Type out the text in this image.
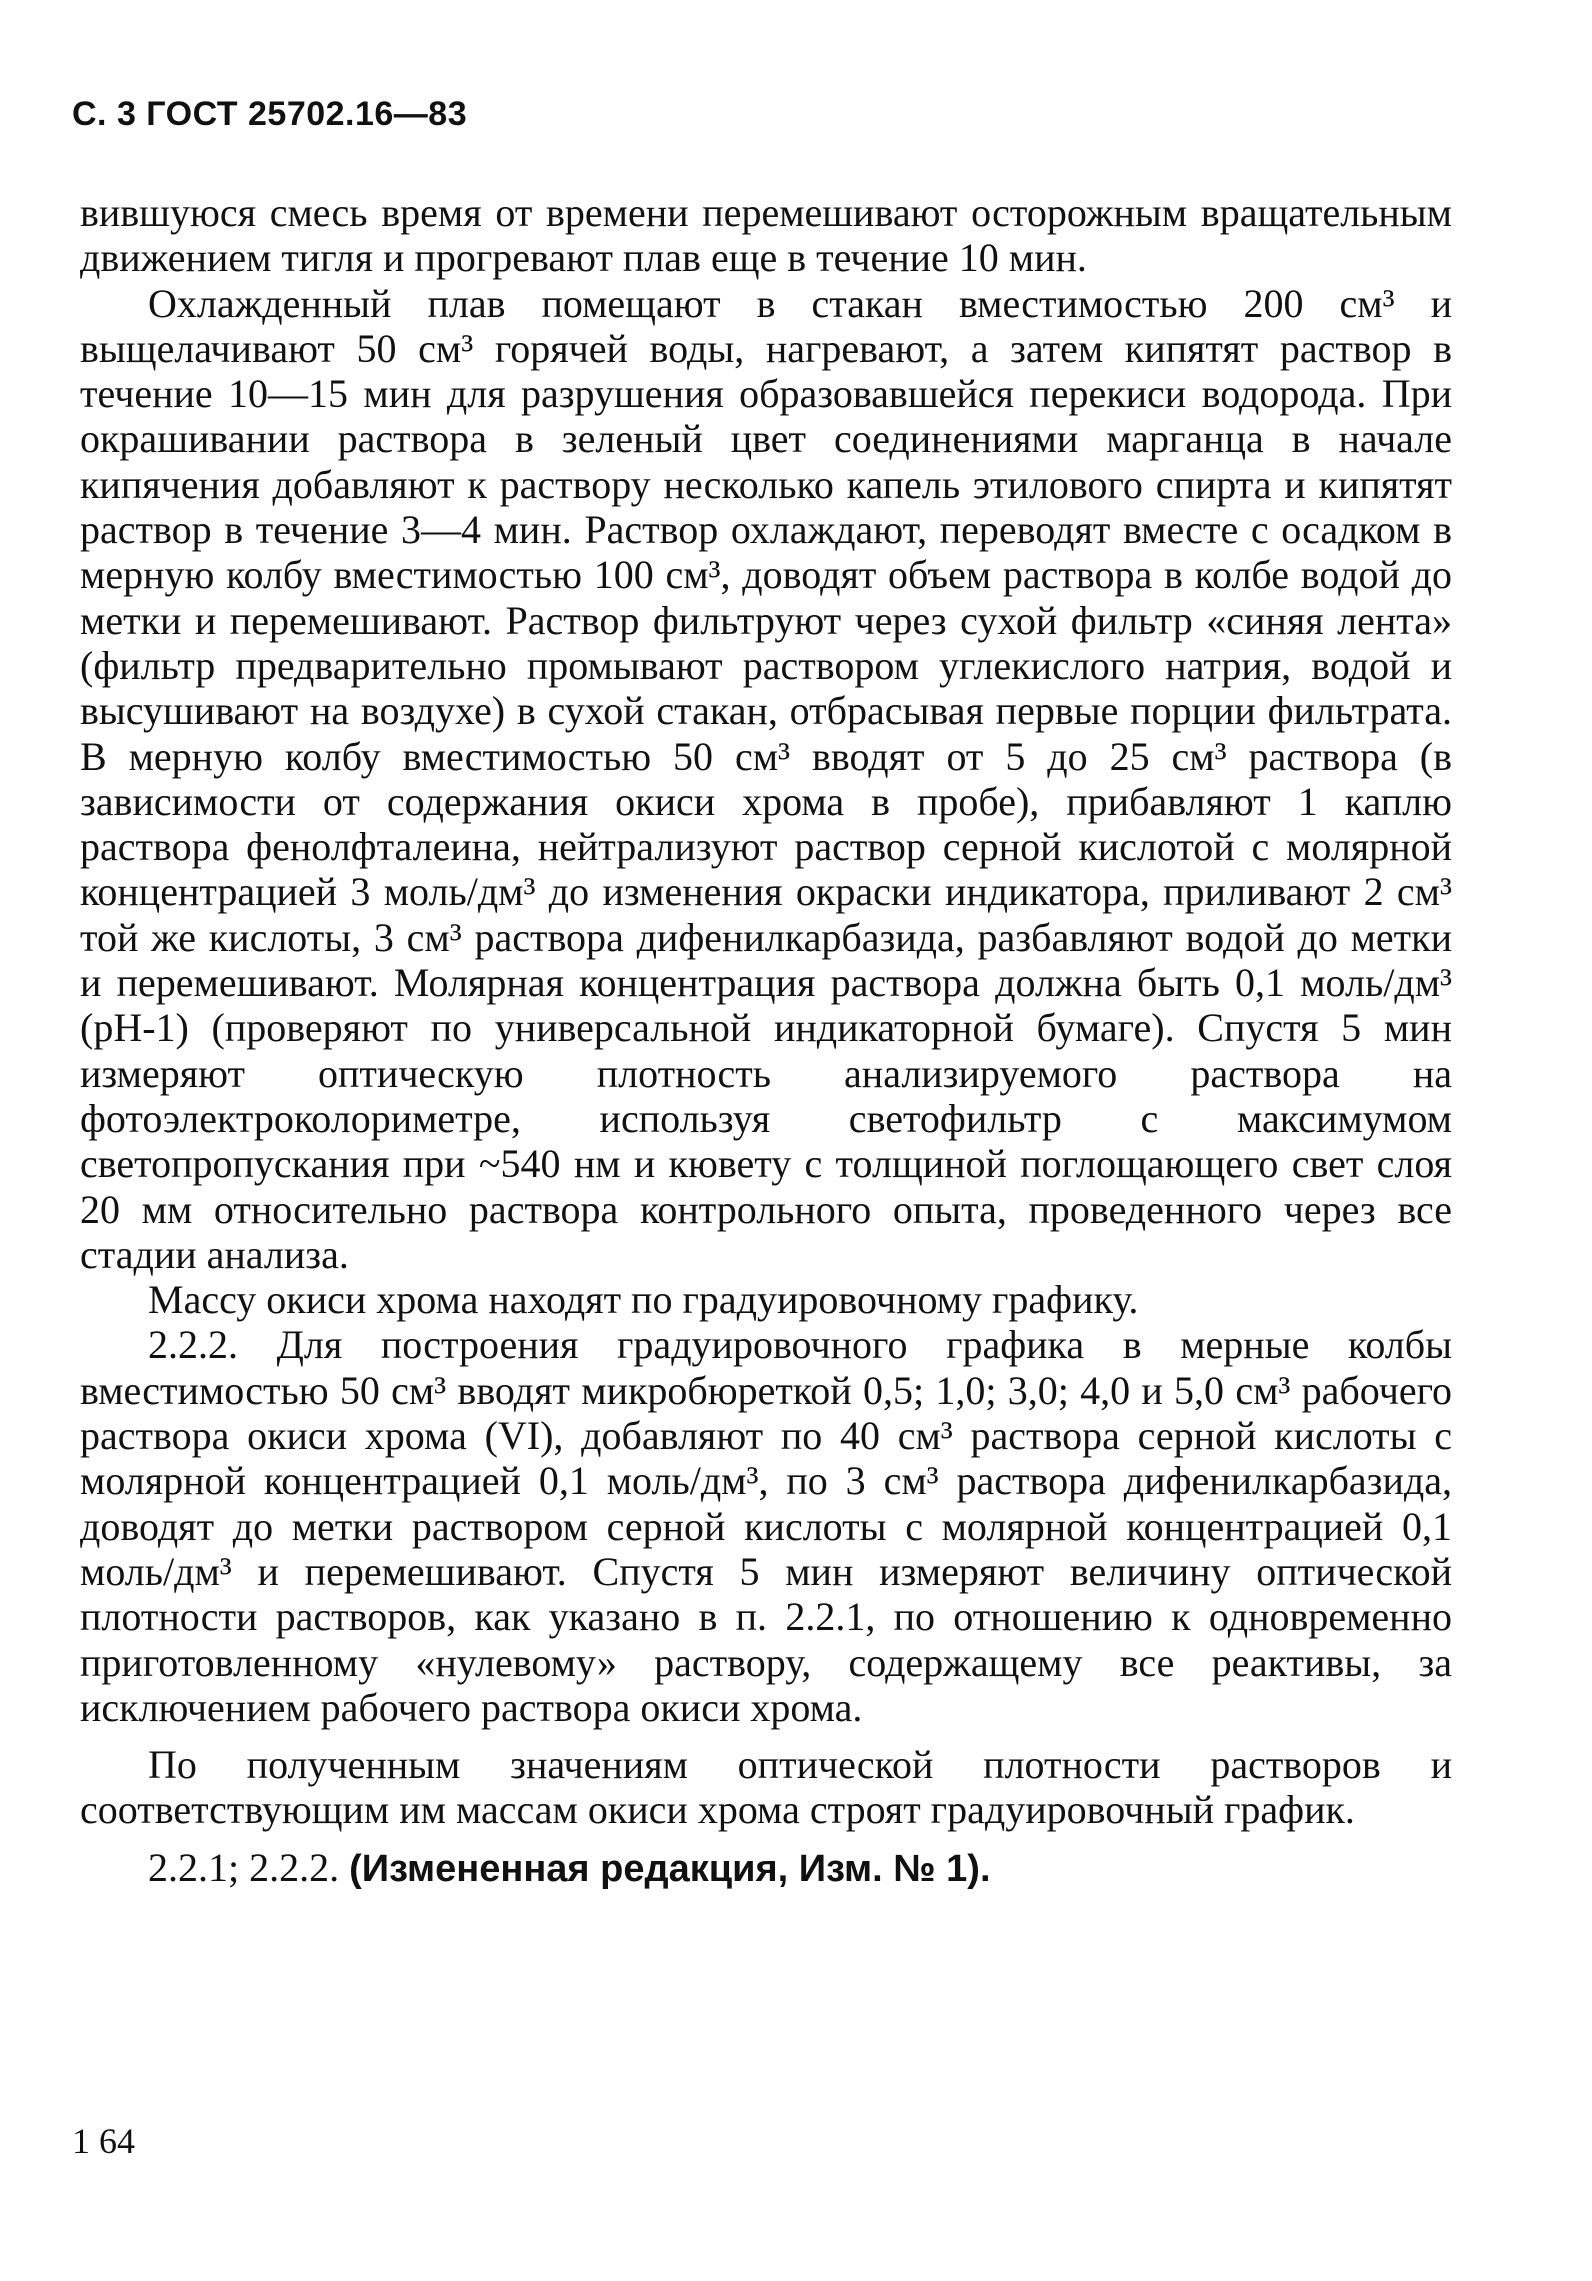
С. 3 ГОСТ 25702.16—83

вившуюся смесь время от времени перемешивают осторожным вращательным движением тигля и прогревают плав еще в течение 10 мин.

Охлажденный плав помещают в стакан вместимостью 200 см³ и выщелачивают 50 см³ горячей воды, нагревают, а затем кипятят раствор в течение 10—15 мин для разрушения образовавшейся перекиси водорода. При окрашивании раствора в зеленый цвет соединениями марганца в начале кипячения добавляют к раствору несколько капель этилового спирта и кипятят раствор в течение 3—4 мин. Раствор охлаждают, переводят вместе с осадком в мерную колбу вместимостью 100 см³, доводят объем раствора в колбе водой до метки и перемешивают. Раствор фильтруют через сухой фильтр «синяя лента» (фильтр предварительно промывают раствором углекислого натрия, водой и высушивают на воздухе) в сухой стакан, отбрасывая первые порции фильтрата. В мерную колбу вместимостью 50 см³ вводят от 5 до 25 см³ раствора (в зависимости от содержания окиси хрома в пробе), прибавляют 1 каплю раствора фенолфталеина, нейтрализуют раствор серной кислотой с молярной концентрацией 3 моль/дм³ до изменения окраски индикатора, приливают 2 см³ той же кислоты, 3 см³ раствора дифенилкарбазида, разбавляют водой до метки и перемешивают. Молярная концентрация раствора должна быть 0,1 моль/дм³ (pH-1) (проверяют по универсальной индикаторной бумаге). Спустя 5 мин измеряют оптическую плотность анализируемого раствора на фотоэлектроколориметре, используя светофильтр с максимумом светопропускания при ~540 нм и кювету с толщиной поглощающего свет слоя 20 мм относительно раствора контрольного опыта, проведенного через все стадии анализа.

Массу окиси хрома находят по градуировочному графику.

2.2.2. Для построения градуировочного графика в мерные колбы вместимостью 50 см³ вводят микробюреткой 0,5; 1,0; 3,0; 4,0 и 5,0 см³ рабочего раствора окиси хрома (VI), добавляют по 40 см³ раствора серной кислоты с молярной концентрацией 0,1 моль/дм³, по 3 см³ раствора дифенилкарбазида, доводят до метки раствором серной кислоты с молярной концентрацией 0,1 моль/дм³ и перемешивают. Спустя 5 мин измеряют величину оптической плотности растворов, как указано в п. 2.2.1, по отношению к одновременно приготовленному «нулевому» раствору, содержащему все реактивы, за исключением рабочего раствора окиси хрома.

По полученным значениям оптической плотности растворов и соответствующим им массам окиси хрома строят градуировочный график.

2.2.1; 2.2.2. (Измененная редакция, Изм. № 1).

1 64
